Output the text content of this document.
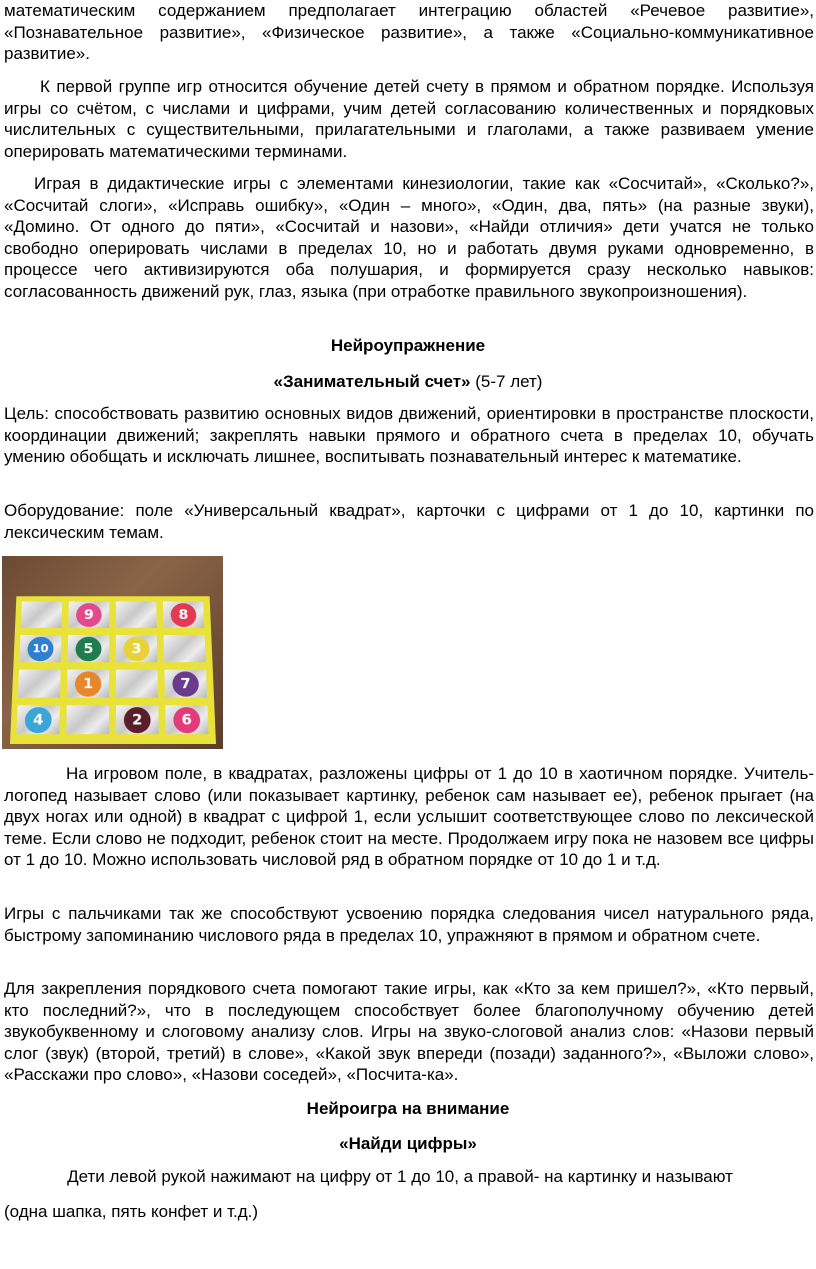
математическим содержанием предполагает интеграцию областей «Речевое развитие», «Познавательное развитие», «Физическое развитие», а также «Социально-коммуникативное развитие».

К первой группе игр относится обучение детей счету в прямом и обратном порядке. Используя игры со счётом, с числами и цифрами, учим детей согласованию количественных и порядковых числительных с существительными, прилагательными и глаголами, а также развиваем умение оперировать математическими терминами.

Играя в дидактические игры с элементами кинезиологии, такие как «Сосчитай», «Сколько?», «Сосчитай слоги», «Исправь ошибку», «Один – много», «Один, два, пять» (на разные звуки), «Домино. От одного до пяти», «Сосчитай и назови», «Найди отличия» дети учатся не только свободно оперировать числами в пределах 10, но и работать двумя руками одновременно, в процессе чего активизируются оба полушария, и формируется сразу несколько навыков: согласованность движений рук, глаз, языка (при отработке правильного звукопроизношения).

Нейроупражнение

«Занимательный счет» (5-7 лет)

Цель: способствовать развитию основных видов движений, ориентировки в пространстве плоскости, координации движений; закреплять навыки прямого и обратного счета в пределах 10, обучать умению обобщать и исключать лишнее, воспитывать познавательный интерес к математике.

Оборудование: поле «Универсальный квадрат», карточки с цифрами от 1 до 10, картинки по лексическим темам.

9	8
10	5	3
1	7
4	2	6

На игровом поле, в квадратах, разложены цифры от 1 до 10 в хаотичном порядке. Учитель-логопед называет слово (или показывает картинку, ребенок сам называет ее), ребенок прыгает (на двух ногах или одной) в квадрат с цифрой 1, если услышит соответствующее слово по лексической теме. Если слово не подходит, ребенок стоит на месте. Продолжаем игру пока не назовем все цифры от 1 до 10. Можно использовать числовой ряд в обратном порядке от 10 до 1 и т.д.

Игры с пальчиками так же способствуют усвоению порядка следования чисел натурального ряда, быстрому запоминанию числового ряда в пределах 10, упражняют в прямом и обратном счете.

Для закрепления порядкового счета помогают такие игры, как «Кто за кем пришел?», «Кто первый, кто последний?», что в последующем способствует более благополучному обучению детей звукобуквенному и слоговому анализу слов. Игры на звуко-слоговой анализ слов: «Назови первый слог (звук) (второй, третий) в слове», «Какой звук впереди (позади) заданного?», «Выложи слово», «Расскажи про слово», «Назови соседей», «Посчита-ка».

Нейроигра на внимание

«Найди цифры»

Дети левой рукой нажимают на цифру от 1 до 10, а правой- на картинку и называют

(одна шапка, пять конфет и т.д.)
